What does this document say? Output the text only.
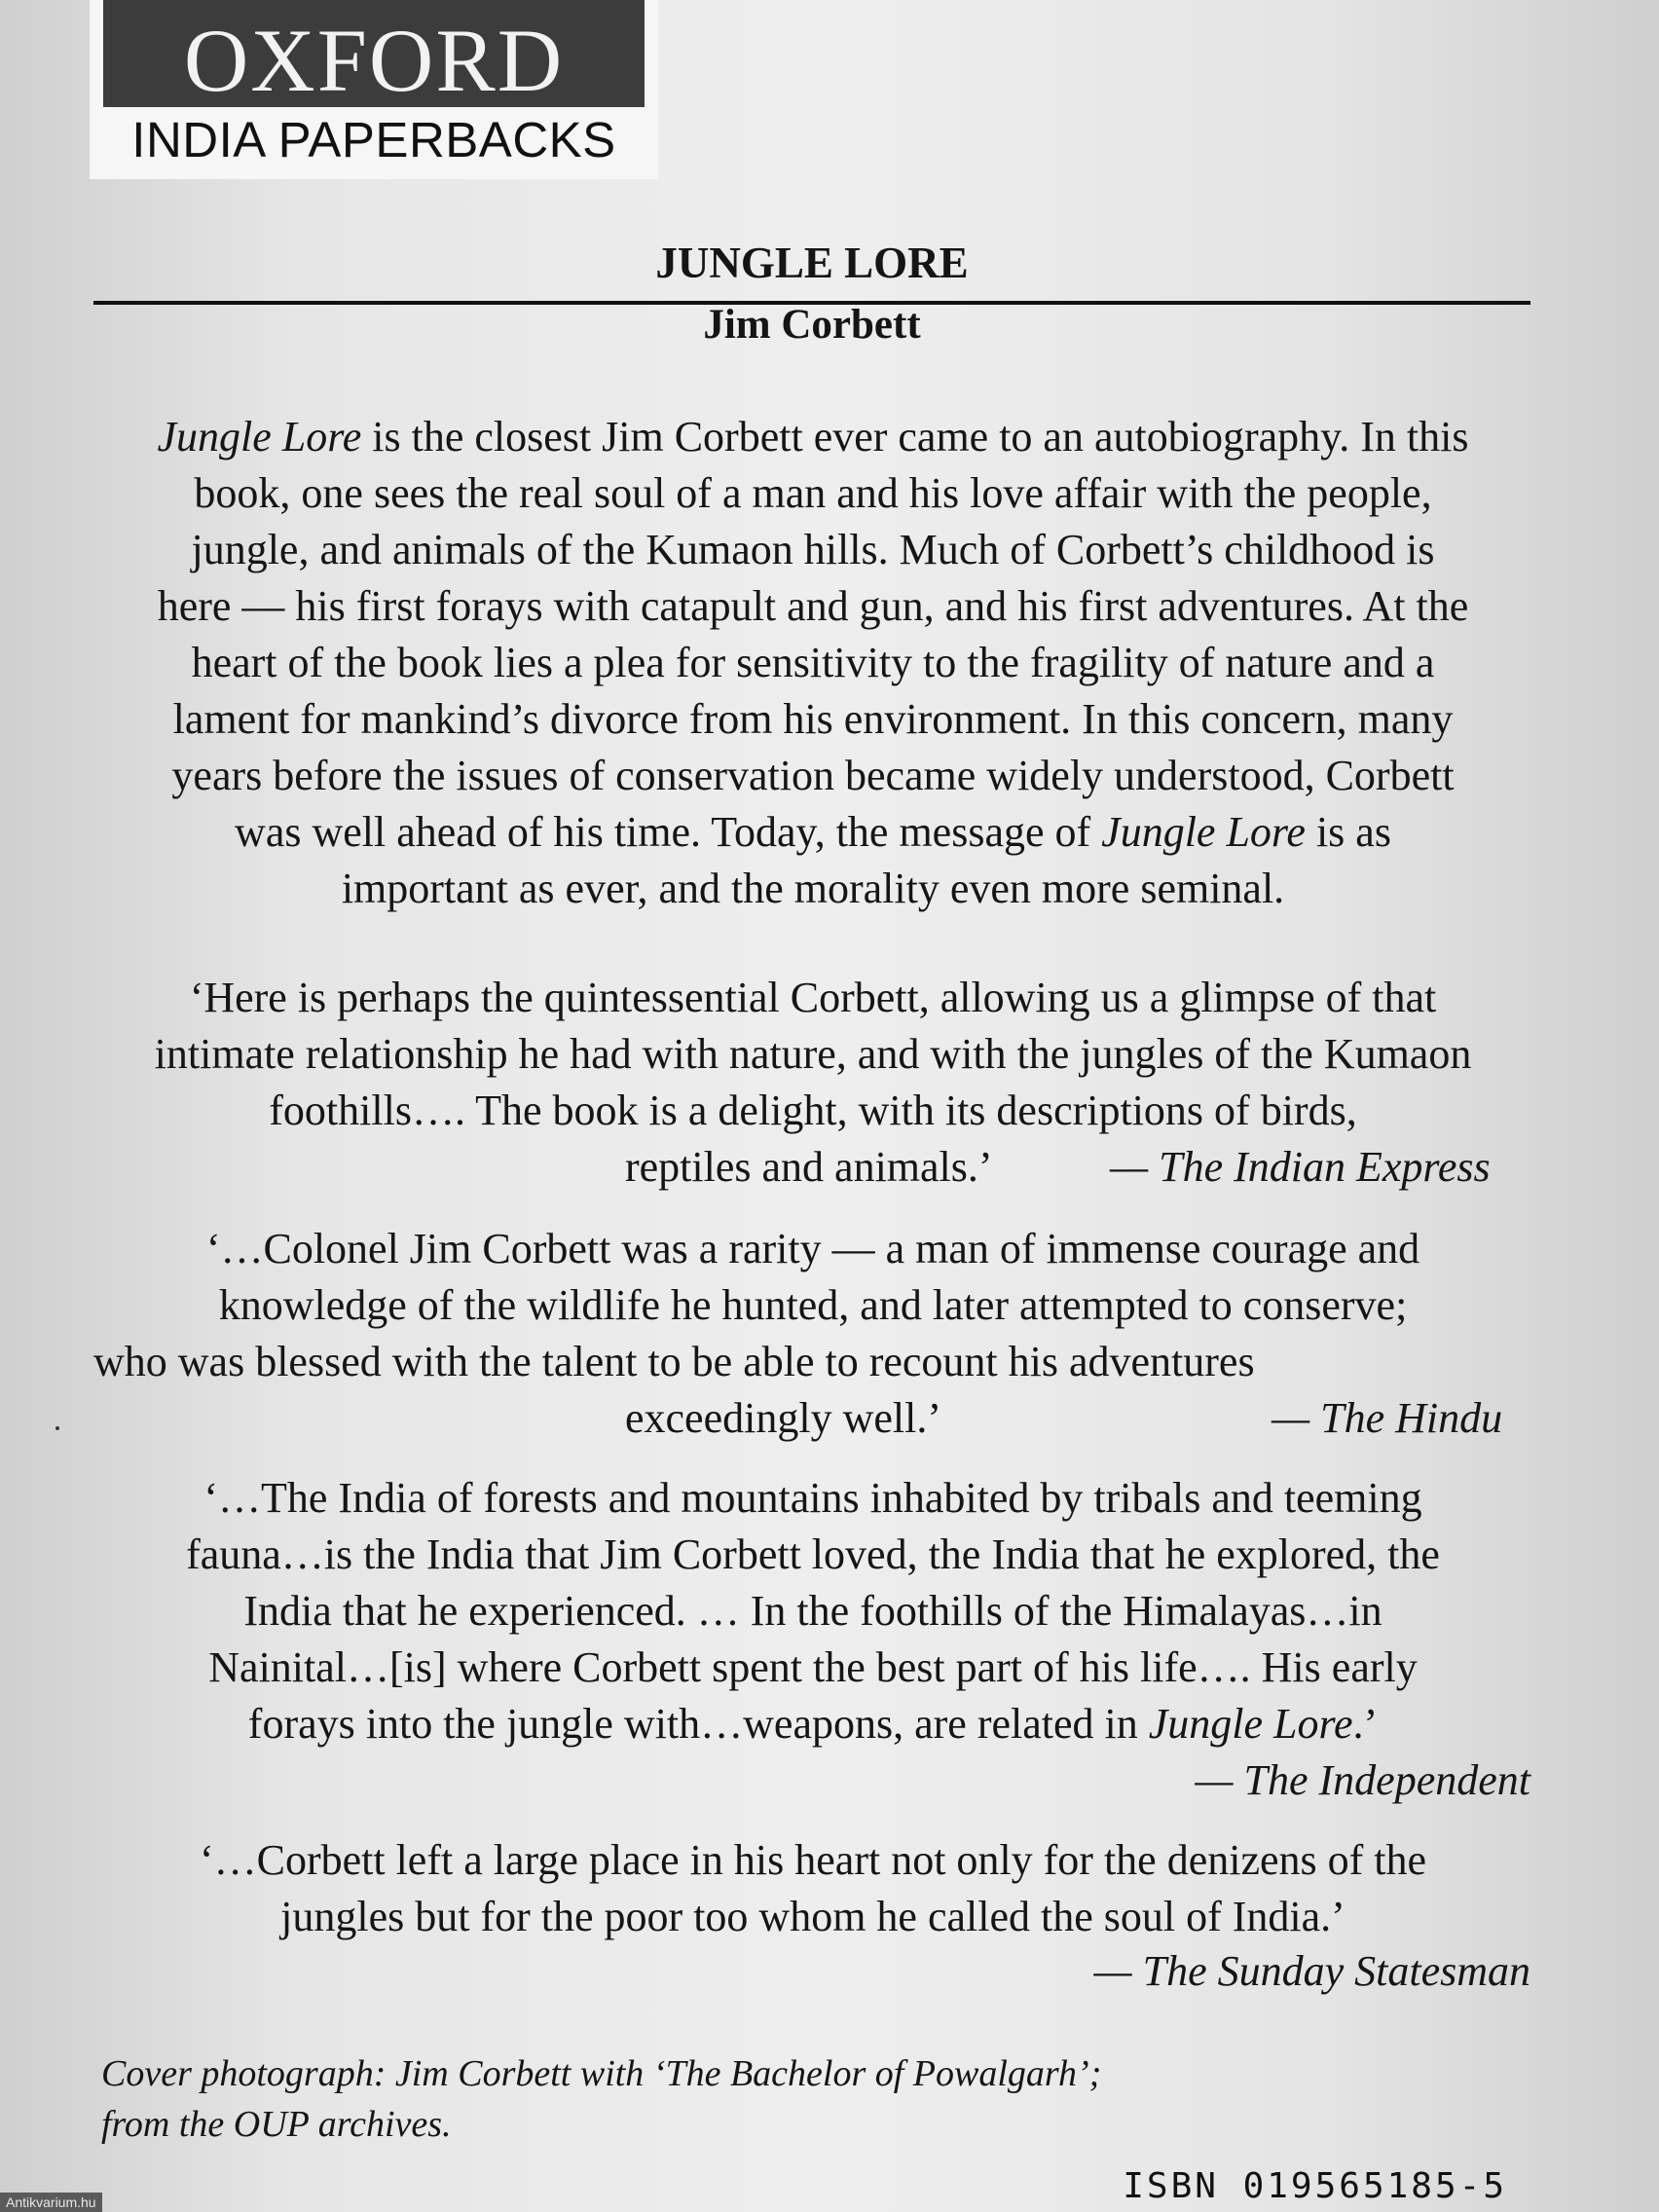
OXFORD
INDIA PAPERBACKS
JUNGLE LORE
Jim Corbett
Jungle Lore is the closest Jim Corbett ever came to an autobiography. In this
book, one sees the real soul of a man and his love affair with the people,
jungle, and animals of the Kumaon hills. Much of Corbett’s childhood is
here — his first forays with catapult and gun, and his first adventures. At the
heart of the book lies a plea for sensitivity to the fragility of nature and a
lament for mankind’s divorce from his environment. In this concern, many
years before the issues of conservation became widely understood, Corbett
was well ahead of his time. Today, the message of Jungle Lore is as
important as ever, and the morality even more seminal.
‘Here is perhaps the quintessential Corbett, allowing us a glimpse of that
intimate relationship he had with nature, and with the jungles of the Kumaon
foothills…. The book is a delight, with its descriptions of birds,
reptiles and animals.’	— The Indian Express
‘…Colonel Jim Corbett was a rarity — a man of immense courage and
knowledge of the wildlife he hunted, and later attempted to conserve;
who was blessed with the talent to be able to recount his adventures
exceedingly well.’	— The Hindu
‘…The India of forests and mountains inhabited by tribals and teeming
fauna…is the India that Jim Corbett loved, the India that he explored, the
India that he experienced. … In the foothills of the Himalayas…in
Nainital…[is] where Corbett spent the best part of his life…. His early
forays into the jungle with…weapons, are related in Jungle Lore.’
— The Independent
‘…Corbett left a large place in his heart not only for the denizens of the
jungles but for the poor too whom he called the soul of India.’
— The Sunday Statesman
Cover photograph: Jim Corbett with ‘The Bachelor of Powalgarh’;
from the OUP archives.
ISBN 019565185-5
Antikvarium.hu
